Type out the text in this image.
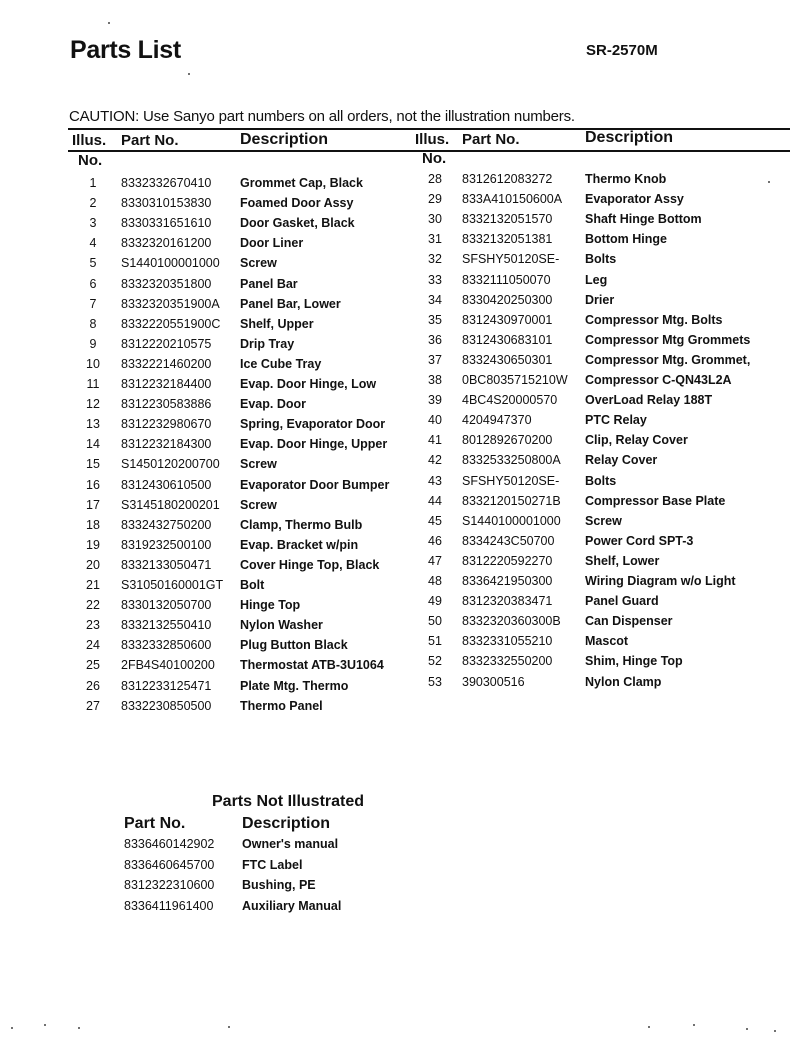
Parts List	SR-2570M
CAUTION: Use Sanyo part numbers on all orders, not the illustration numbers.
Illus.
No.
Part No.	Description	Illus.
No.
Part No.	Description
1	8332332670410 Grommet Cap, Black
2	8330310153830 Foamed Door Assy
3	8330331651610 Door Gasket, Black
4	8332320161200 Door Liner
5	S1440100001000 Screw
6	8332320351800 Panel Bar
7	8332320351900A Panel Bar, Lower
8	8332220551900C Shelf, Upper
9	8312220210575 Drip Tray
10	8332221460200 Ice Cube Tray
11	8312232184400 Evap. Door Hinge, Low
12	8312230583886 Evap. Door
13	8312232980670 Spring, Evaporator Door
14	8312232184300 Evap. Door Hinge, Upper
15	S1450120200700 Screw
16	8312430610500 Evaporator Door Bumper
17	S3145180200201 Screw
18	8332432750200 Clamp, Thermo Bulb
19	8319232500100 Evap. Bracket w/pin
20	8332133050471 Cover Hinge Top, Black
21	S31050160001GT Bolt
22	8330132050700 Hinge Top
23	8332132550410 Nylon Washer
24	8332332850600 Plug Button Black
25	2FB4S40100200 Thermostat ATB-3U1064
26	8312233125471 Plate Mtg. Thermo
27	8332230850500 Thermo Panel
28	8312612083272	Thermo Knob
29	833A410150600A Evaporator Assy
30	8332132051570	Shaft Hinge Bottom
31	8332132051381	Bottom Hinge
32	SFSHY50120SE- Bolts
33	8332111050070	Leg
34	8330420250300	Drier
35	8312430970001	Compressor Mtg. Bolts
36	8312430683101	Compressor Mtg Grommets
37	8332430650301	Compressor Mtg. Grommet,
38	0BC8035715210W Compressor C-QN43L2A
39	4BC4S20000570 OverLoad Relay 188T
40	4204947370	PTC Relay
41	8012892670200	Clip, Relay Cover
42	8332533250800A Relay Cover
43	SFSHY50120SE- Bolts
44	8332120150271B Compressor Base Plate
45	S1440100001000 Screw
46	8334243C50700 Power Cord SPT-3
47	8312220592270	Shelf, Lower
48	8336421950300	Wiring Diagram w/o Light
49	8312320383471	Panel Guard
50	8332320360300B Can Dispenser
51	8332331055210	Mascot
52	8332332550200	Shim, Hinge Top
53	390300516	Nylon Clamp
Parts Not Illustrated
Part No.	Description
8336460142902 Owner's manual
8336460645700 FTC Label
8312322310600 Bushing, PE
8336411961400 Auxiliary Manual
